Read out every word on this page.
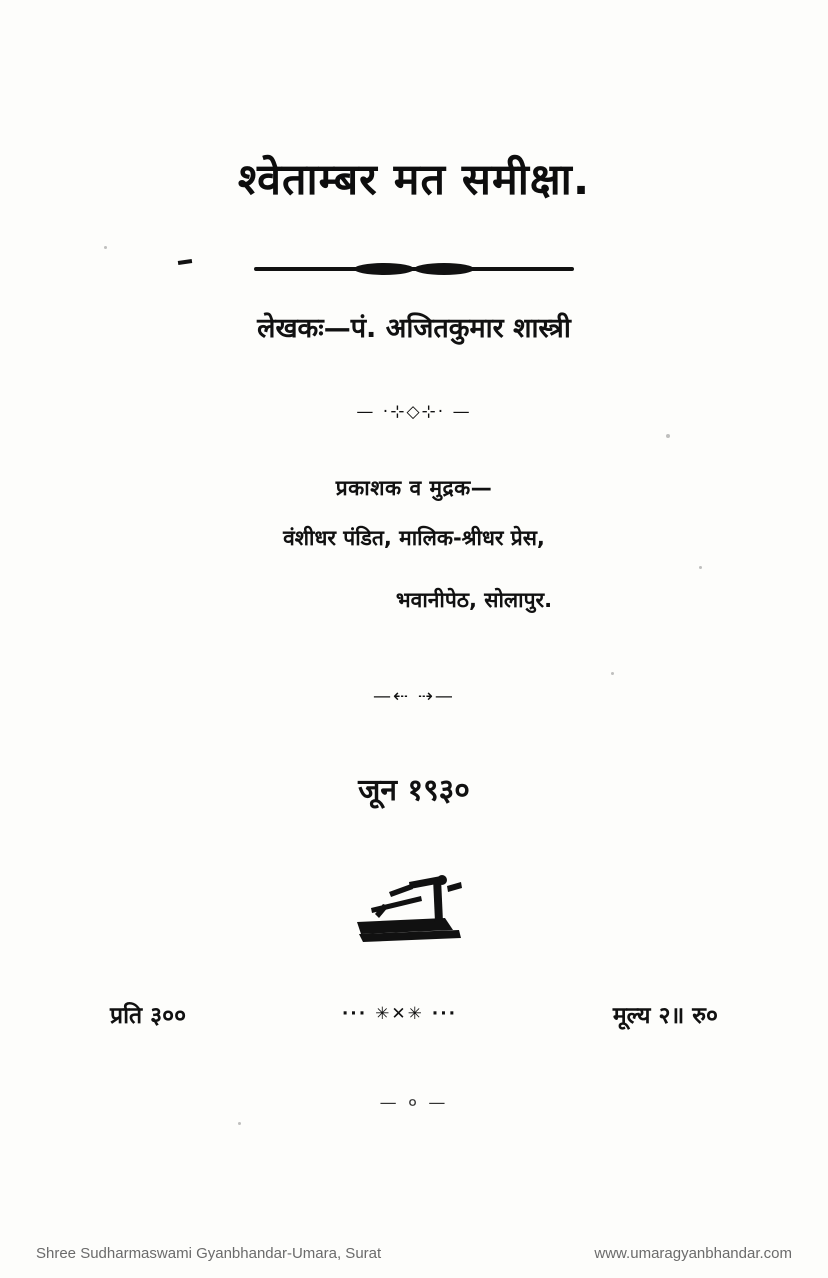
श्वेताम्बर मत समीक्षा.
लेखकः—पं. अजितकुमार शास्त्री
— ·⊹◇⊹· —
प्रकाशक व मुद्रक—
वंशीधर पंडित, मालिक-श्रीधर प्रेस,
भवानीपेठ, सोलापुर.
—⇠ ⇢—
जून १९३०
प्रति ३००	··· ✳✕✳ ···	मूल्य २॥ रु०
— ० —
Shree Sudharmaswami Gyanbhandar-Umara, Surat	www.umaragyanbhandar.com
